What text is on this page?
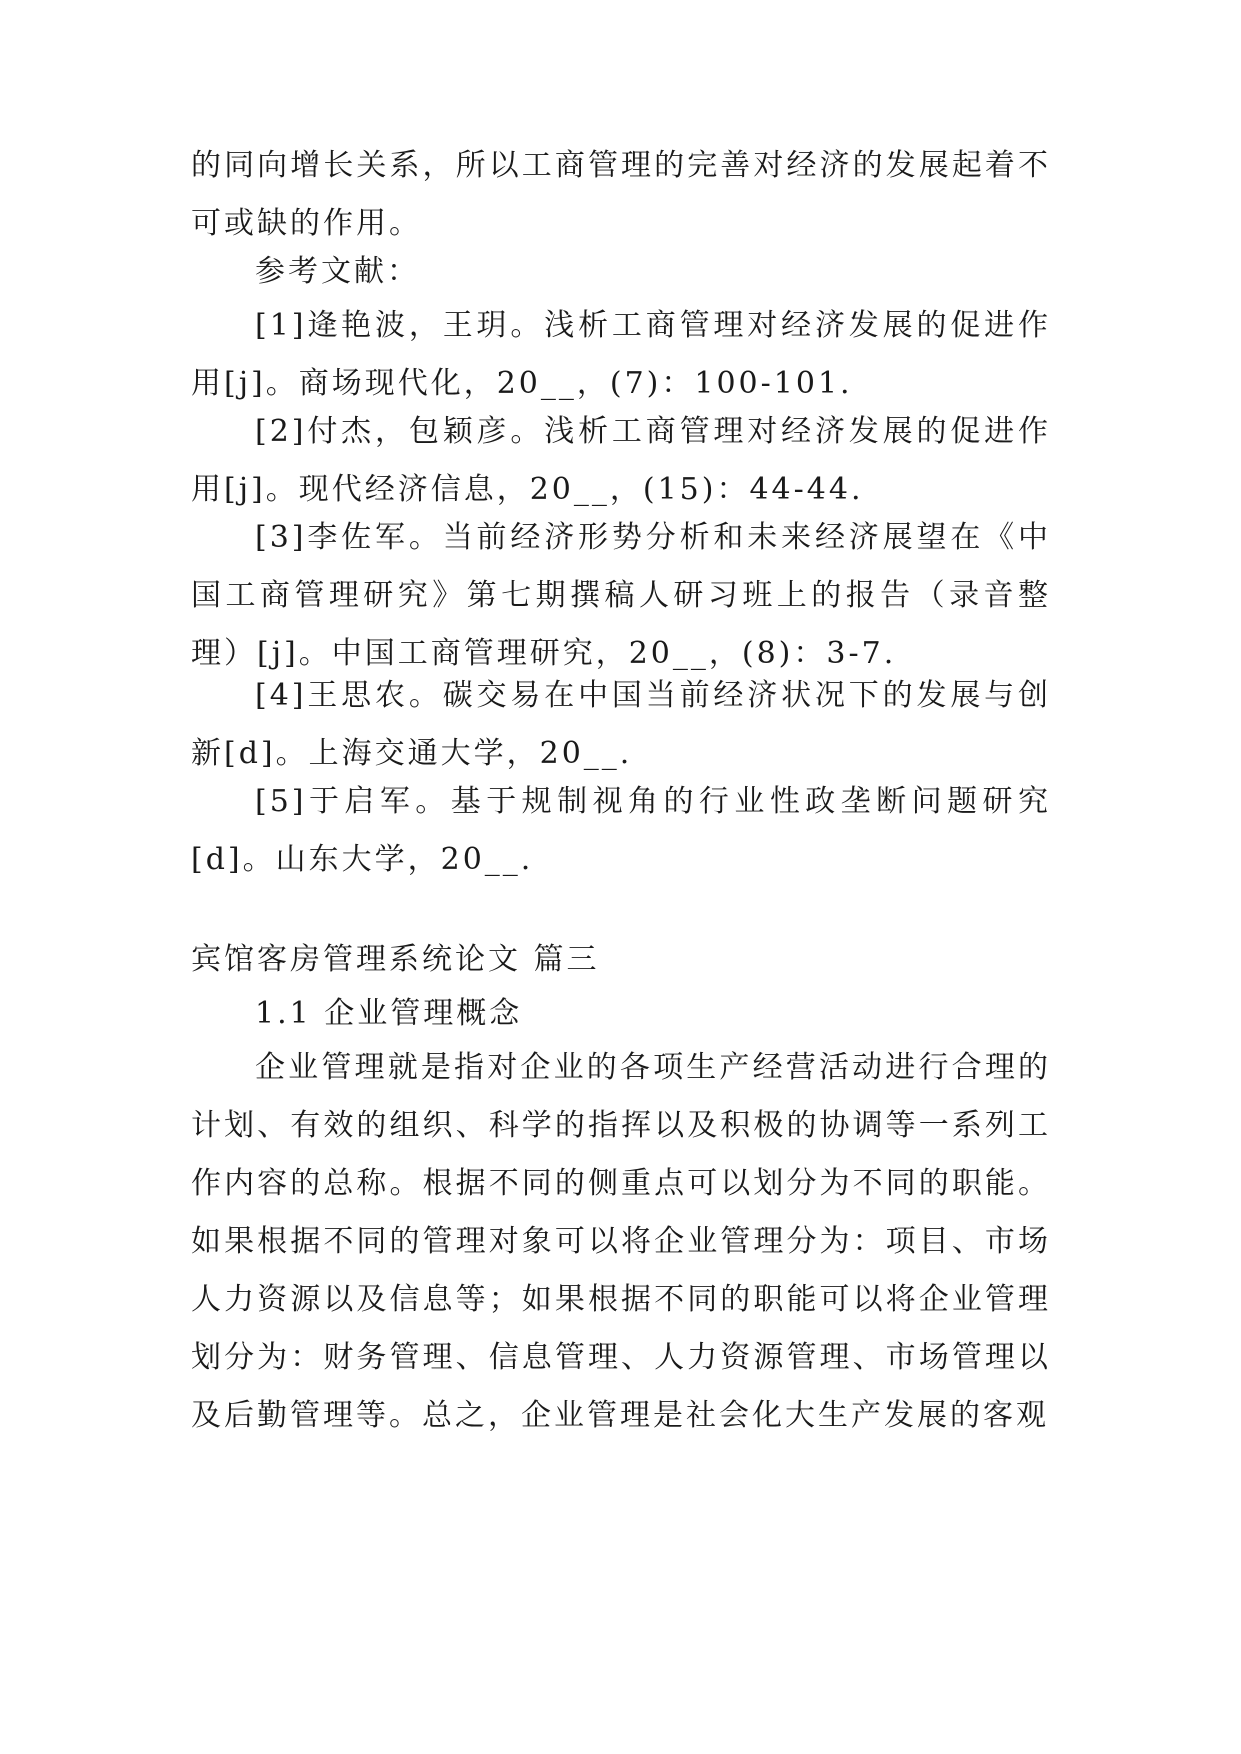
的同向增长关系，所以工商管理的完善对经济的发展起着不可或缺的作用。

参考文献：

[1]逄艳波，王玥。浅析工商管理对经济发展的促进作用[j]。商场现代化，20__，(7)：100-101.

[2]付杰，包颖彦。浅析工商管理对经济发展的促进作用[j]。现代经济信息，20__，(15)：44-44.

[3]李佐军。当前经济形势分析和未来经济展望在《中国工商管理研究》第七期撰稿人研习班上的报告（录音整理）[j]。中国工商管理研究，20__，(8)：3-7.

[4]王思农。碳交易在中国当前经济状况下的发展与创新[d]。上海交通大学，20__.

[5]于启军。基于规制视角的行业性政垄断问题研究[d]。山东大学，20__.

宾馆客房管理系统论文 篇三

1.1 企业管理概念

企业管理就是指对企业的各项生产经营活动进行合理的计划、有效的组织、科学的指挥以及积极的协调等一系列工作内容的总称。根据不同的侧重点可以划分为不同的职能。如果根据不同的管理对象可以将企业管理分为：项目、市场人力资源以及信息等；如果根据不同的职能可以将企业管理划分为：财务管理、信息管理、人力资源管理、市场管理以及后勤管理等。总之，企业管理是社会化大生产发展的客观
